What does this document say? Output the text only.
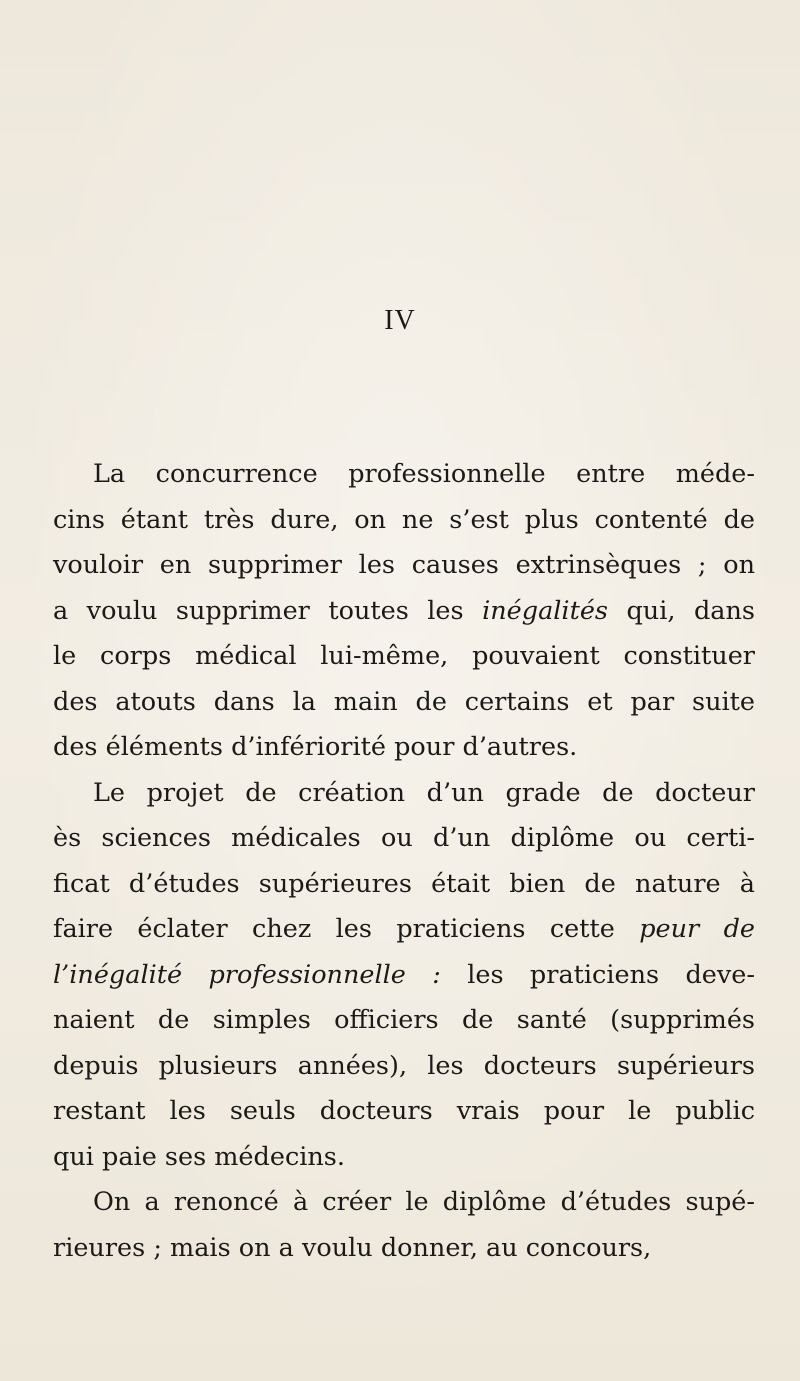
IV
La concurrence professionnelle entre méde-
cins étant très dure, on ne s’est plus contenté de
vouloir en supprimer les causes extrinsèques ; on
a voulu supprimer toutes les inégalités qui, dans
le corps médical lui-même, pouvaient constituer
des atouts dans la main de certains et par suite
des éléments d’infériorité pour d’autres.
Le projet de création d’un grade de docteur
ès sciences médicales ou d’un diplôme ou certi-
ficat d’études supérieures était bien de nature à
faire éclater chez les praticiens cette peur de
l’inégalité professionnelle : les praticiens deve-
naient de simples officiers de santé (supprimés
depuis plusieurs années), les docteurs supérieurs
restant les seuls docteurs vrais pour le public
qui paie ses médecins.
On a renoncé à créer le diplôme d’études supé-
rieures ; mais on a voulu donner, au concours,
